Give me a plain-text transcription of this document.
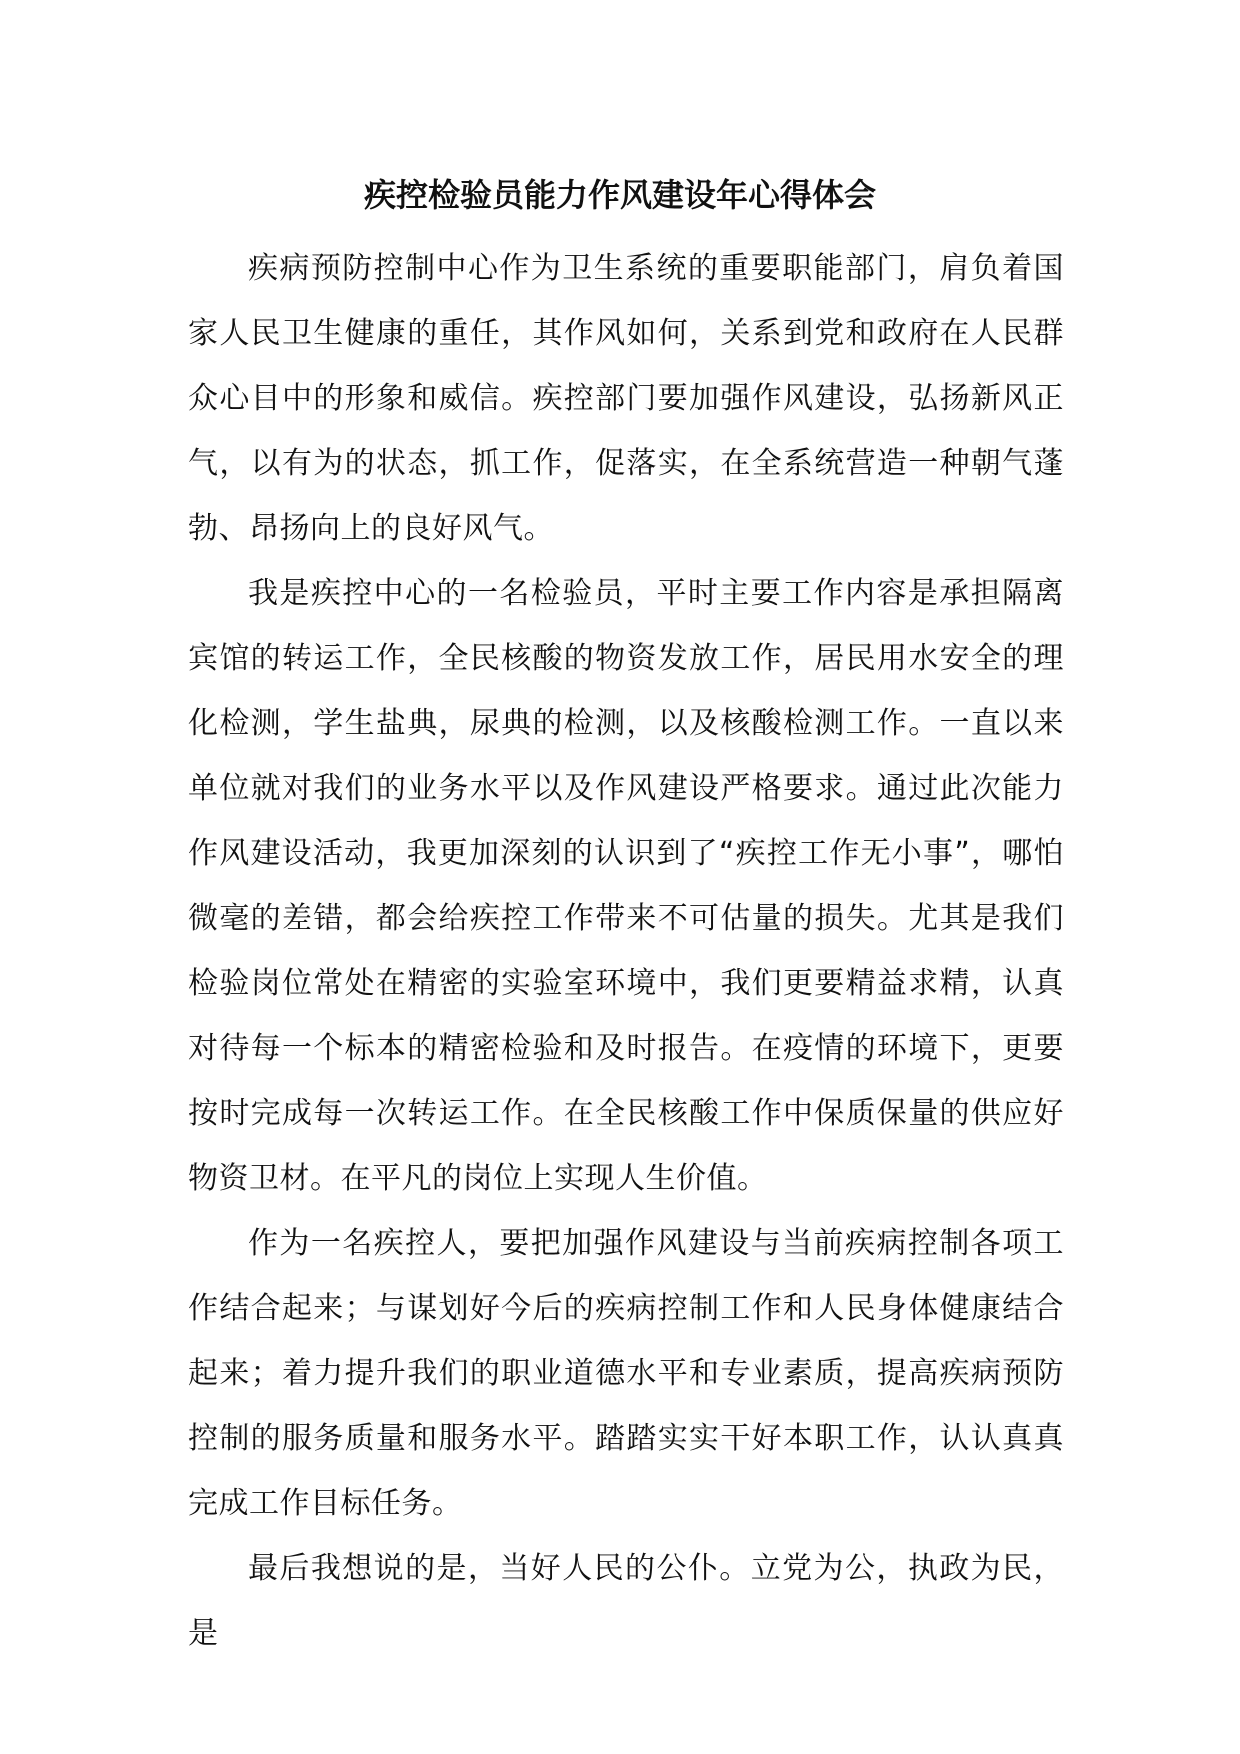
疾控检验员能力作风建设年心得体会

疾病预防控制中心作为卫生系统的重要职能部门，肩负着国家人民卫生健康的重任，其作风如何，关系到党和政府在人民群众心目中的形象和威信。疾控部门要加强作风建设，弘扬新风正气，以有为的状态，抓工作，促落实，在全系统营造一种朝气蓬勃、昂扬向上的良好风气。

我是疾控中心的一名检验员，平时主要工作内容是承担隔离宾馆的转运工作，全民核酸的物资发放工作，居民用水安全的理化检测，学生盐典，尿典的检测，以及核酸检测工作。一直以来单位就对我们的业务水平以及作风建设严格要求。通过此次能力作风建设活动，我更加深刻的认识到了“疾控工作无小事”，哪怕微毫的差错，都会给疾控工作带来不可估量的损失。尤其是我们检验岗位常处在精密的实验室环境中，我们更要精益求精，认真对待每一个标本的精密检验和及时报告。在疫情的环境下，更要按时完成每一次转运工作。在全民核酸工作中保质保量的供应好物资卫材。在平凡的岗位上实现人生价值。

作为一名疾控人，要把加强作风建设与当前疾病控制各项工作结合起来；与谋划好今后的疾病控制工作和人民身体健康结合起来；着力提升我们的职业道德水平和专业素质，提高疾病预防控制的服务质量和服务水平。踏踏实实干好本职工作，认认真真完成工作目标任务。

最后我想说的是，当好人民的公仆。立党为公，执政为民，是
